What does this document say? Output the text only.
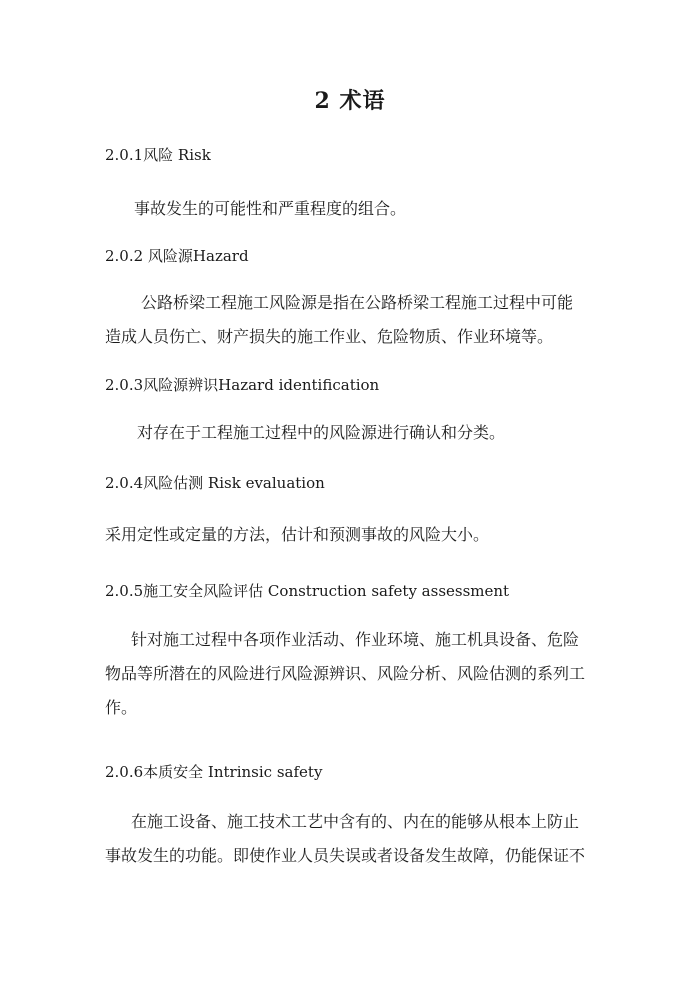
2 术语
2.0.1风险 Risk
事故发生的可能性和严重程度的组合。
2.0.2 风险源Hazard
公路桥梁工程施工风险源是指在公路桥梁工程施工过程中可能
造成人员伤亡、财产损失的施工作业、危险物质、作业环境等。
2.0.3风险源辨识Hazard identification
对存在于工程施工过程中的风险源进行确认和分类。
2.0.4风险估测 Risk evaluation
采用定性或定量的方法，估计和预测事故的风险大小。
2.0.5施工安全风险评估 Construction safety assessment
针对施工过程中各项作业活动、作业环境、施工机具设备、危险
物品等所潜在的风险进行风险源辨识、风险分析、风险估测的系列工
作。
2.0.6本质安全 Intrinsic safety
在施工设备、施工技术工艺中含有的、内在的能够从根本上防止
事故发生的功能。即使作业人员失误或者设备发生故障，仍能保证不
